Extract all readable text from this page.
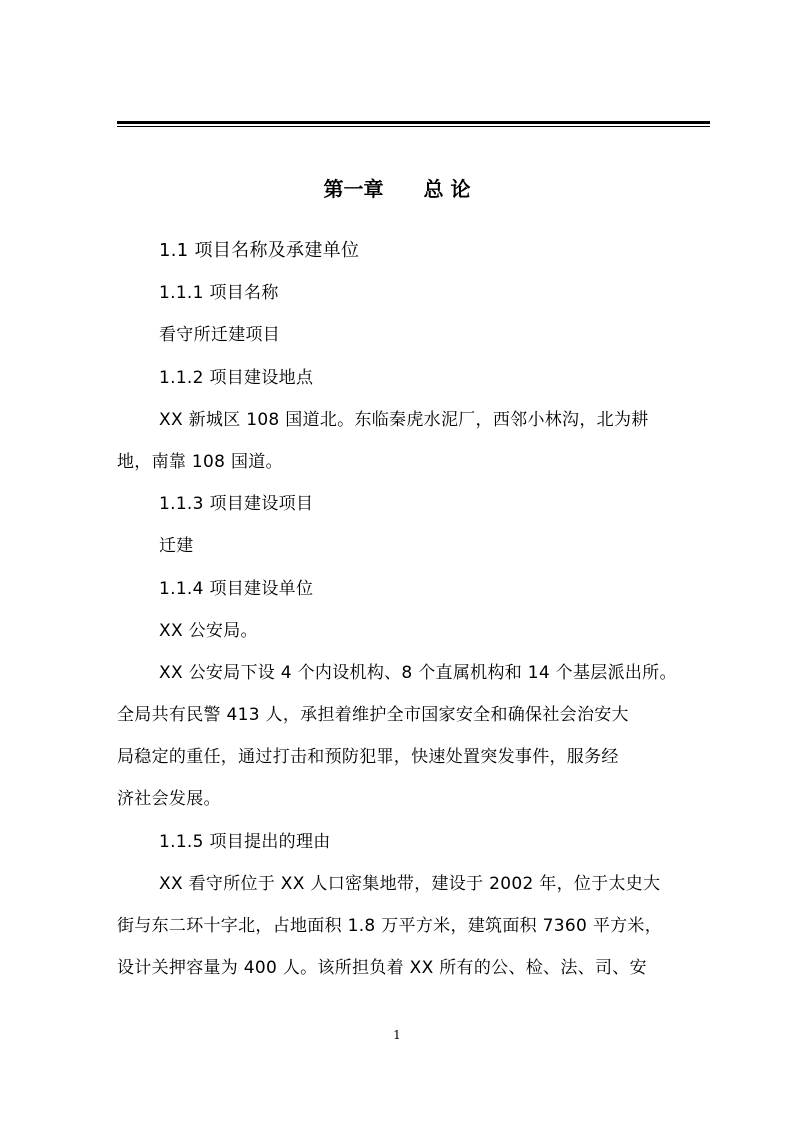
第一章 总 论
1.1 项目名称及承建单位
1.1.1 项目名称
看守所迁建项目
1.1.2 项目建设地点
XX 新城区 108 国道北。东临秦虎水泥厂，西邻小林沟，北为耕
地，南靠 108 国道。
1.1.3 项目建设项目
迁建
1.1.4 项目建设单位
XX 公安局。
XX 公安局下设 4 个内设机构、8 个直属机构和 14 个基层派出所。
全局共有民警 413 人，承担着维护全市国家安全和确保社会治安大
局稳定的重任，通过打击和预防犯罪，快速处置突发事件，服务经
济社会发展。
1.1.5 项目提出的理由
XX 看守所位于 XX 人口密集地带，建设于 2002 年，位于太史大
街与东二环十字北，占地面积 1.8 万平方米，建筑面积 7360 平方米，
设计关押容量为 400 人。该所担负着 XX 所有的公、检、法、司、安
1
